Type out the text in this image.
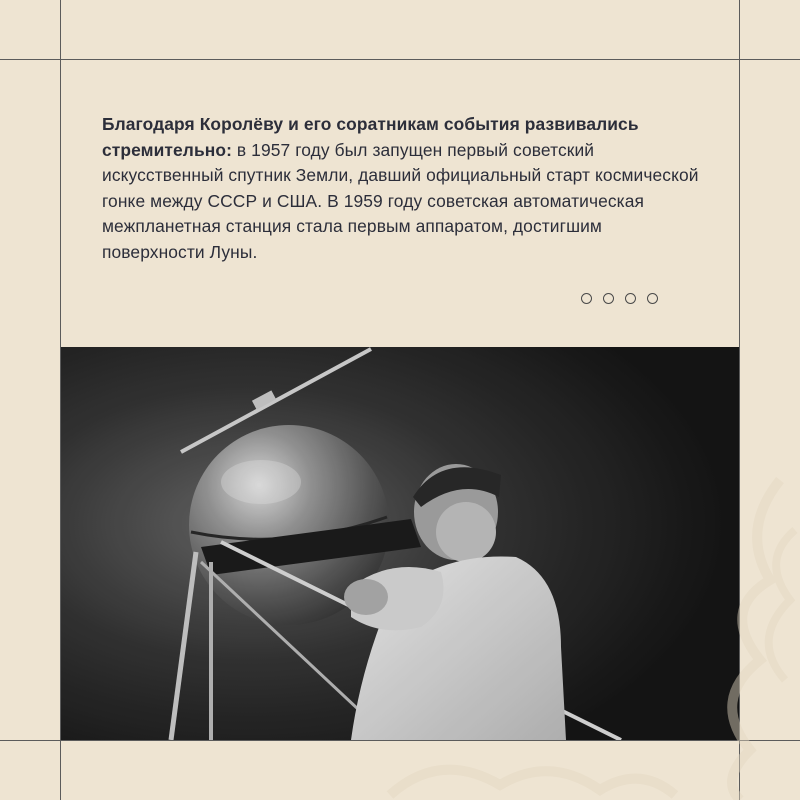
Благодаря Королёву и его соратникам события развивались стремительно: в 1957 году был запущен первый советский искусственный спутник Земли, давший официальный старт космической гонке между СССР и США. В 1959 году советская автоматическая межпланетная станция стала первым аппаратом, достигшим поверхности Луны.
